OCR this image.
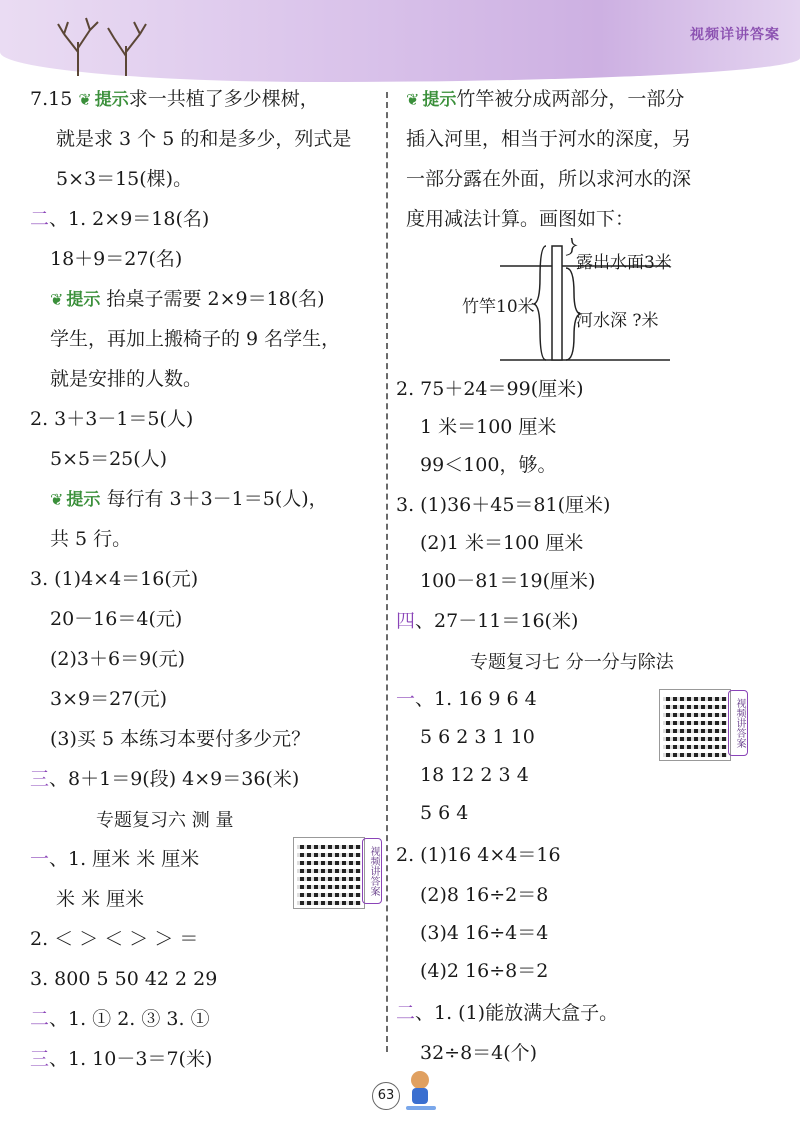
视频详讲答案
7.15 ❦ 提示求一共植了多少棵树，
就是求 3 个 5 的和是多少，列式是
5×3＝15(棵)。
二、1. 2×9＝18(名)
18＋9＝27(名)
❦ 提示 抬桌子需要 2×9＝18(名)
学生，再加上搬椅子的 9 名学生，
就是安排的人数。
2. 3＋3－1＝5(人)
5×5＝25(人)
❦ 提示 每行有 3＋3－1＝5(人)，
共 5 行。
3. (1)4×4＝16(元)
20－16＝4(元)
(2)3＋6＝9(元)
3×9＝27(元)
(3)买 5 本练习本要付多少元？
三、8＋1＝9(段) 4×9＝36(米)
专题复习六 测 量
视频讲答案
一、1. 厘米 米 厘米
米 米 厘米
2. ＜ ＞ ＜ ＞ ＞ ＝
3. 800 5 50 42 2 29
二、1. ① 2. ③ 3. ①
三、1. 10－3＝7(米)
❦ 提示竹竿被分成两部分，一部分
插入河里，相当于河水的深度，另
一部分露在外面，所以求河水的深
度用减法计算。画图如下：
露出水面3米
竹竿10米
河水深 ?米
2. 75＋24＝99(厘米)
1 米＝100 厘米
99＜100，够。
3. (1)36＋45＝81(厘米)
(2)1 米＝100 厘米
100－81＝19(厘米)
四、27－11＝16(米)
专题复习七 分一分与除法
视频讲答案
一、1. 16 9 6 4
5 6 2 3 1 10
18 12 2 3 4
5 6 4
2. (1)16 4×4＝16
(2)8 16÷2＝8
(3)4 16÷4＝4
(4)2 16÷8＝2
二、1. (1)能放满大盒子。
32÷8＝4(个)
63
